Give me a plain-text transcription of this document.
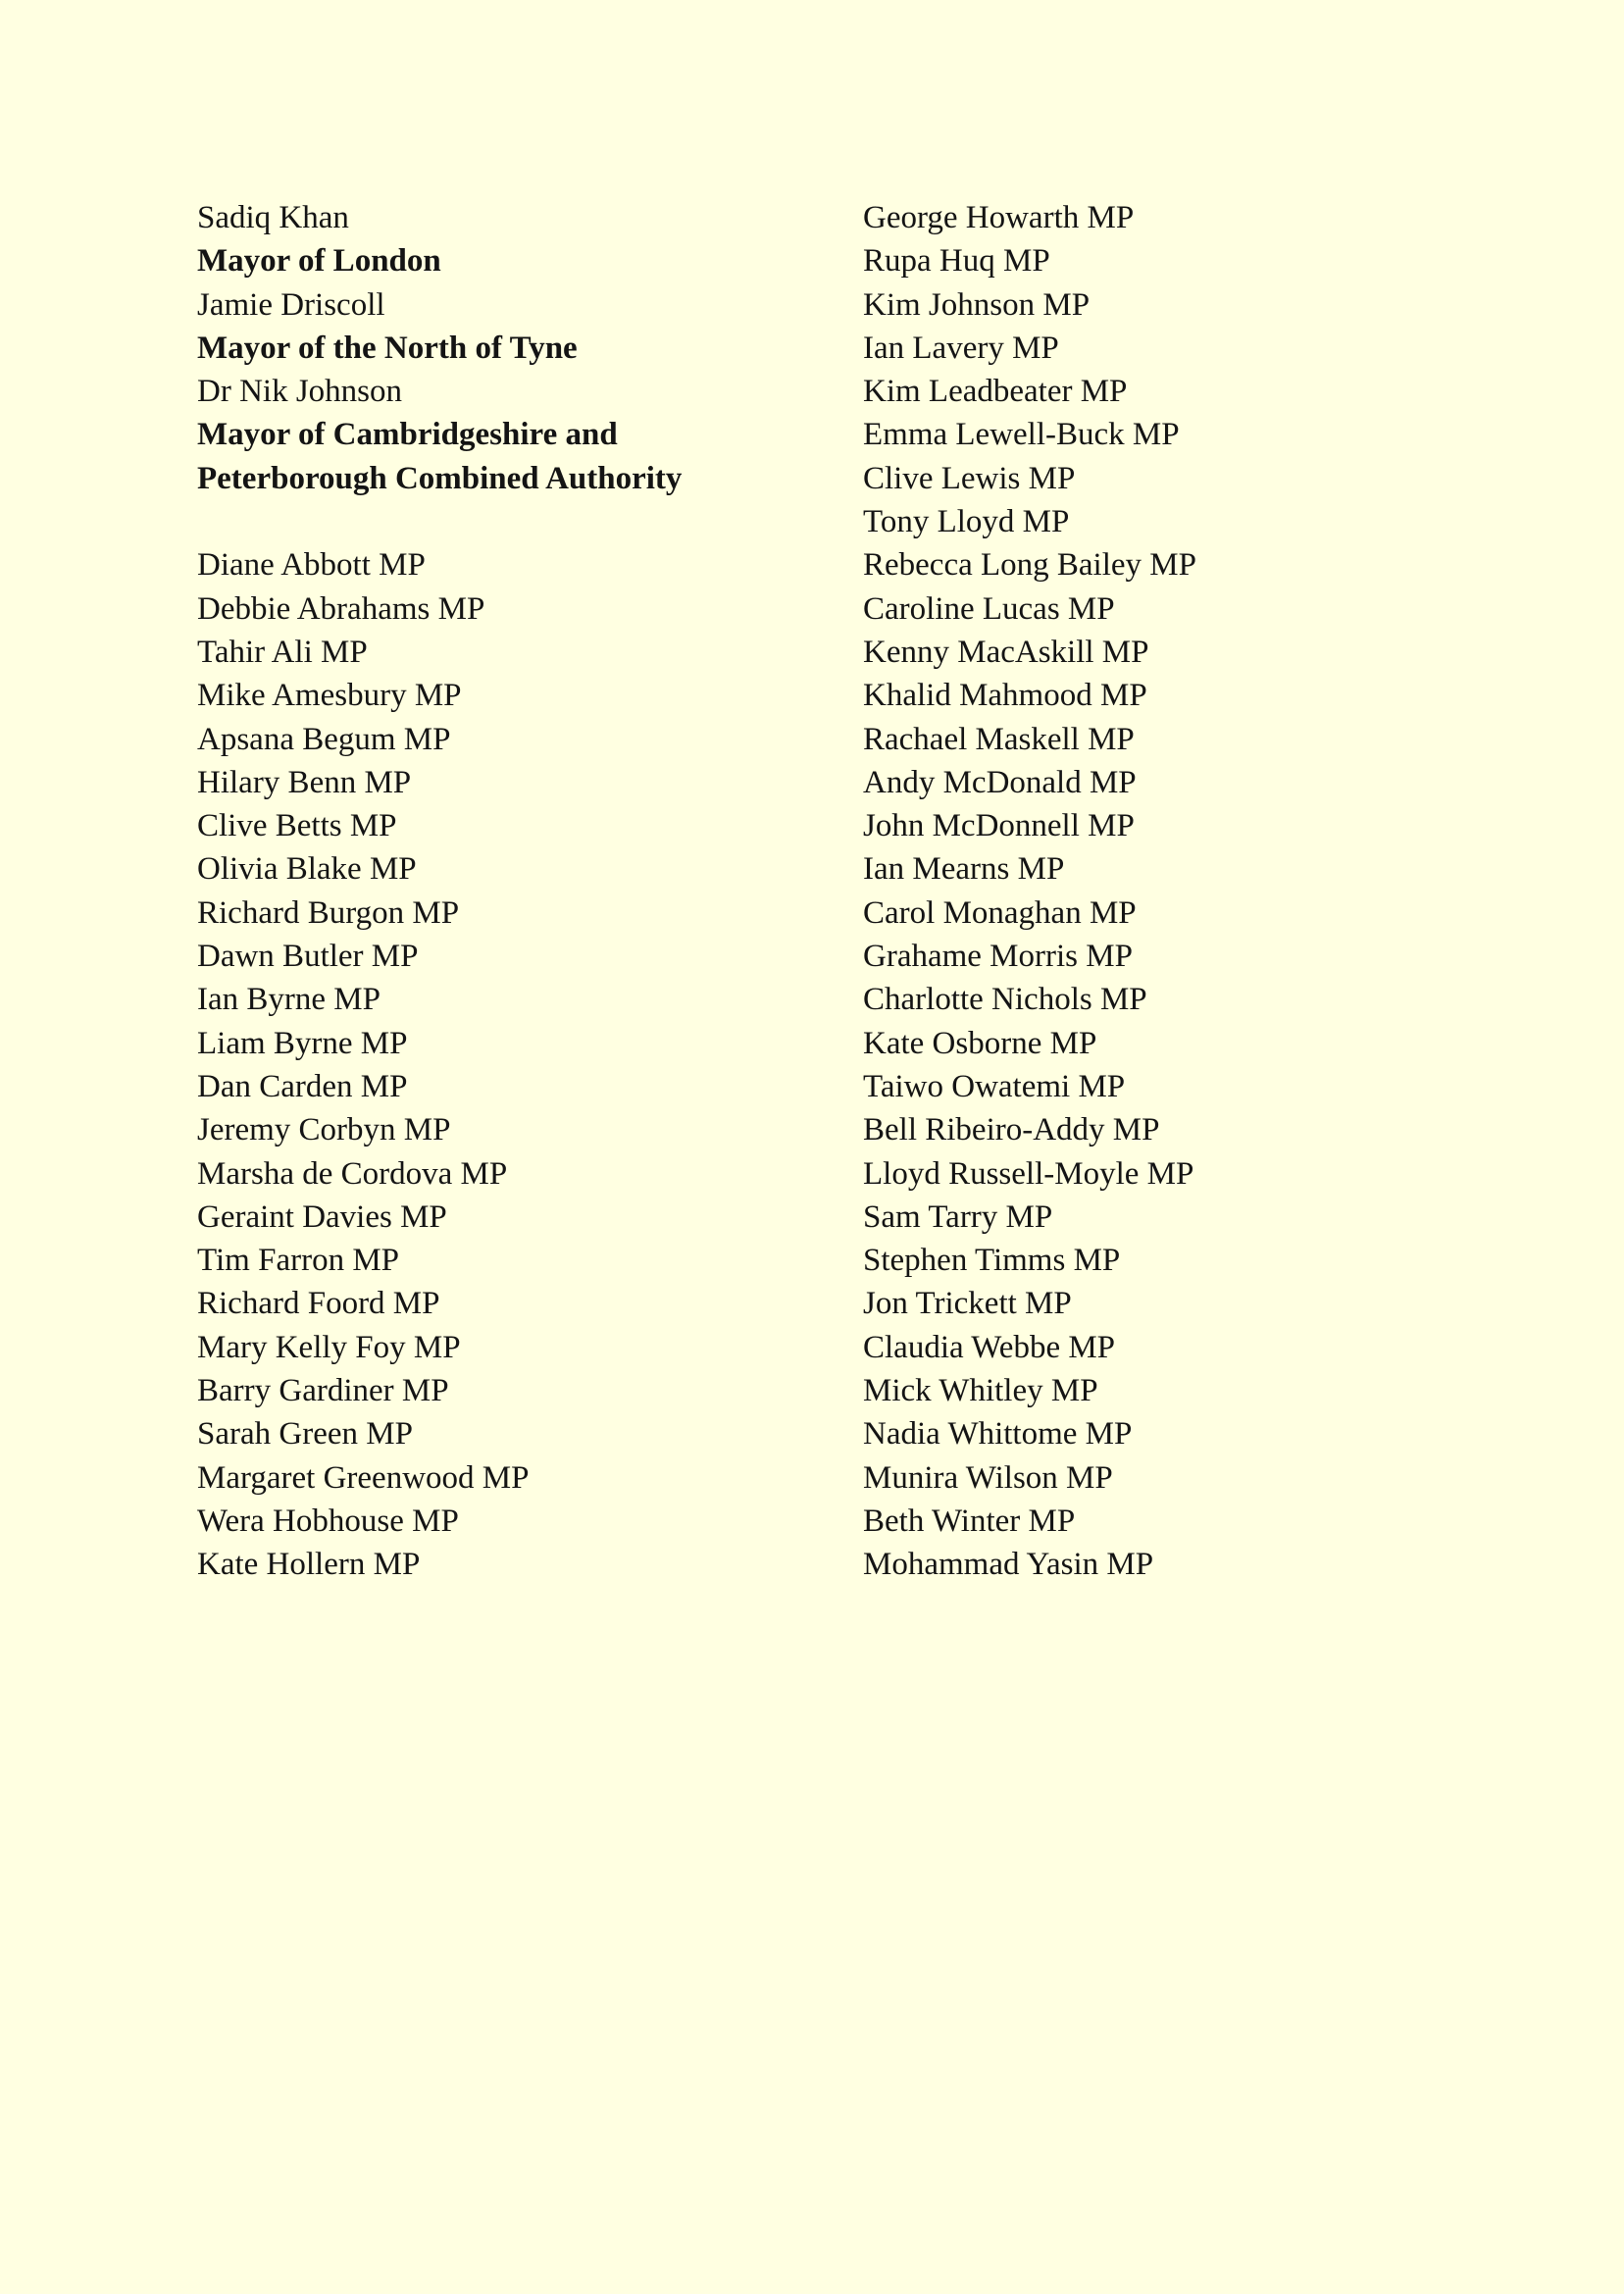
Sadiq Khan
Mayor of London
Jamie Driscoll
Mayor of the North of Tyne
Dr Nik Johnson
Mayor of Cambridgeshire and
Peterborough Combined Authority
Diane Abbott MP
Debbie Abrahams MP
Tahir Ali MP
Mike Amesbury MP
Apsana Begum MP
Hilary Benn MP
Clive Betts MP
Olivia Blake MP
Richard Burgon MP
Dawn Butler MP
Ian Byrne MP
Liam Byrne MP
Dan Carden MP
Jeremy Corbyn MP
Marsha de Cordova MP
Geraint Davies MP
Tim Farron MP
Richard Foord MP
Mary Kelly Foy MP
Barry Gardiner MP
Sarah Green MP
Margaret Greenwood MP
Wera Hobhouse MP
Kate Hollern MP
George Howarth MP
Rupa Huq MP
Kim Johnson MP
Ian Lavery MP
Kim Leadbeater MP
Emma Lewell-Buck MP
Clive Lewis MP
Tony Lloyd MP
Rebecca Long Bailey MP
Caroline Lucas MP
Kenny MacAskill MP
Khalid Mahmood MP
Rachael Maskell MP
Andy McDonald MP
John McDonnell MP
Ian Mearns MP
Carol Monaghan MP
Grahame Morris MP
Charlotte Nichols MP
Kate Osborne MP
Taiwo Owatemi MP
Bell Ribeiro-Addy MP
Lloyd Russell-Moyle MP
Sam Tarry MP
Stephen Timms MP
Jon Trickett MP
Claudia Webbe MP
Mick Whitley MP
Nadia Whittome MP
Munira Wilson MP
Beth Winter MP
Mohammad Yasin MP
